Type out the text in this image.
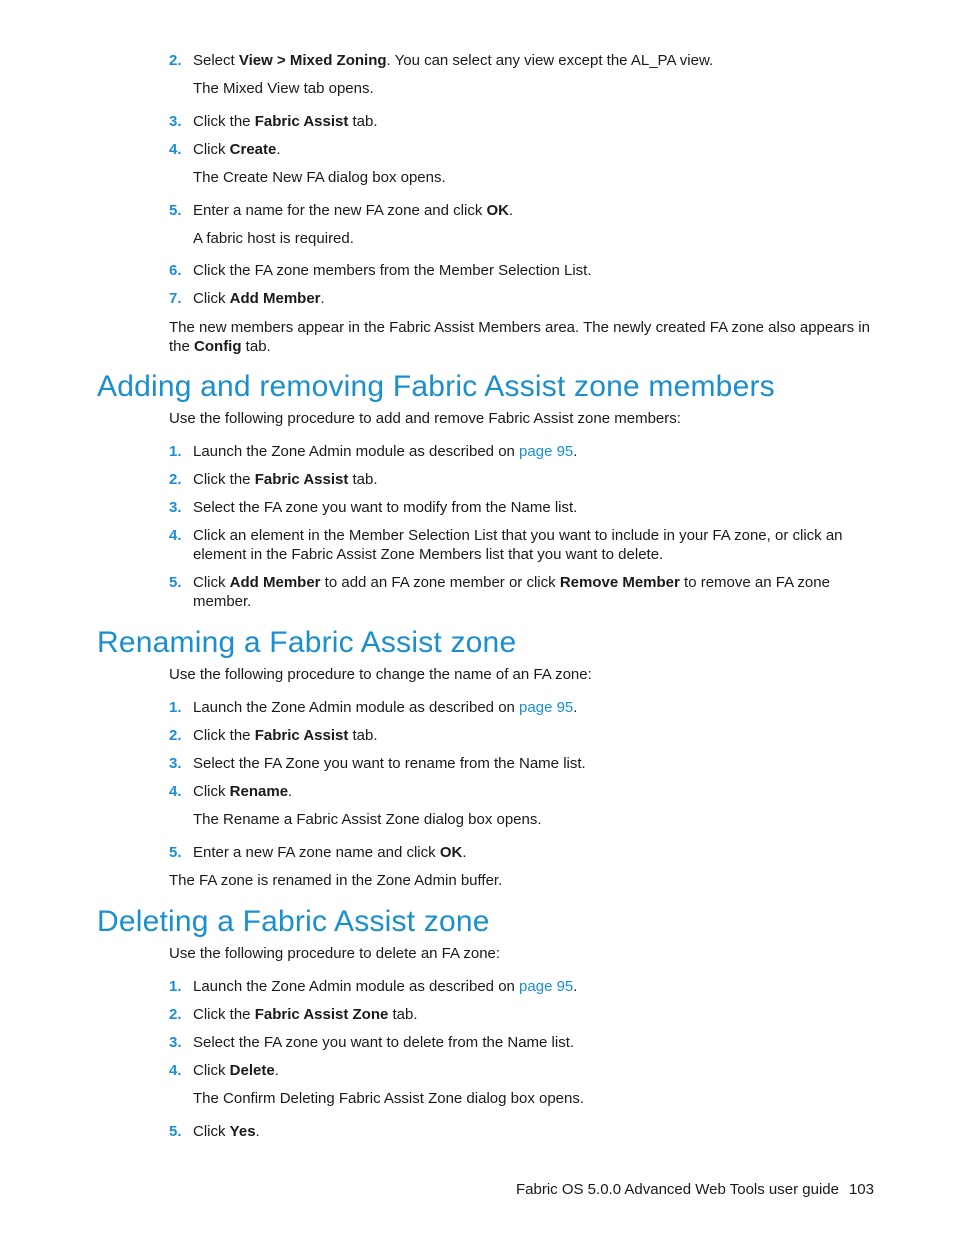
2. Select View > Mixed Zoning. You can select any view except the AL_PA view.
The Mixed View tab opens.
3. Click the Fabric Assist tab.
4. Click Create.
The Create New FA dialog box opens.
5. Enter a name for the new FA zone and click OK.
A fabric host is required.
6. Click the FA zone members from the Member Selection List.
7. Click Add Member.
The new members appear in the Fabric Assist Members area. The newly created FA zone also appears in the Config tab.
Adding and removing Fabric Assist zone members
Use the following procedure to add and remove Fabric Assist zone members:
1. Launch the Zone Admin module as described on page 95.
2. Click the Fabric Assist tab.
3. Select the FA zone you want to modify from the Name list.
4. Click an element in the Member Selection List that you want to include in your FA zone, or click an element in the Fabric Assist Zone Members list that you want to delete.
5. Click Add Member to add an FA zone member or click Remove Member to remove an FA zone member.
Renaming a Fabric Assist zone
Use the following procedure to change the name of an FA zone:
1. Launch the Zone Admin module as described on page 95.
2. Click the Fabric Assist tab.
3. Select the FA Zone you want to rename from the Name list.
4. Click Rename.
The Rename a Fabric Assist Zone dialog box opens.
5. Enter a new FA zone name and click OK.
The FA zone is renamed in the Zone Admin buffer.
Deleting a Fabric Assist zone
Use the following procedure to delete an FA zone:
1. Launch the Zone Admin module as described on page 95.
2. Click the Fabric Assist Zone tab.
3. Select the FA zone you want to delete from the Name list.
4. Click Delete.
The Confirm Deleting Fabric Assist Zone dialog box opens.
5. Click Yes.
Fabric OS 5.0.0 Advanced Web Tools user guide 103
